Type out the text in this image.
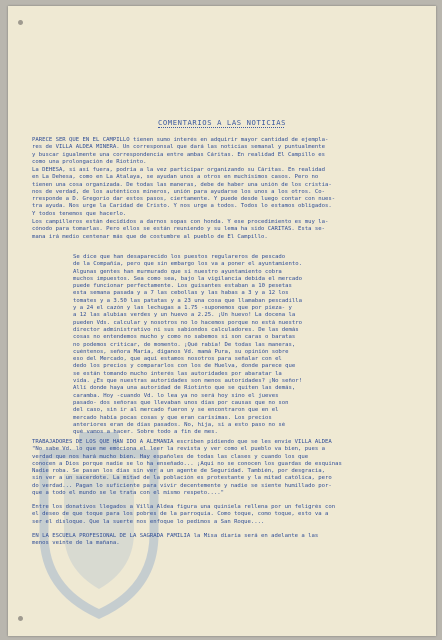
COMENTARIOS A LAS NOTICIAS
PARECE SER QUE EN EL CAMPILLO tienen sumo interés en adquirir mayor cantidad de ejempla-
res de VILLA ALDEA MINERA. Un corresponsal que dará las noticias semanal y puntualmente
y buscar igualmente una correspondencia entre ambas Cáritas. En realidad El Campillo es
como una prolongación de Riotinto.
La DEHESA, si así fuera, podría a la vez participar organizando su Cáritas. En realidad
en La Dehesa, como en La Atalaya, se ayudan unos a otros en muchísimos casos. Pero no
tienen una cosa organizada. De todas las maneras, debe de haber una unión de los cristia-
nos de verdad, de los auténticos mineros, unión para ayudarse los unos a los otros. Co-
rresponde a D. Gregorio dar estos pasos, ciertamente. Y puede desde luego contar con nues-
tra ayuda. Nos urge la Caridad de Cristo. Y nos urge a todos. Todos lo estamos obligados.
Y todos tenemos que hacerlo.
Los campilleros están decididos a darnos sopas con honda. Y ese procedimiento es muy la-
cónodo para tomarlas. Pero ellos se están reuniendo y su lema ha sido CARITAS. Esta se-
mana irá medio centenar más que de costumbre al pueblo de El Campillo.
Se dice que han desaparecido los puestos regulareros de pescado
de la Compañía, pero que sin embargo los va a poner el ayuntamiento.
Algunas gentes han murmurado que si nuestro ayuntamiento cobra
muchos impuestos. Sea como sea, bajo la vigilancia debida el mercado
puede funcionar perfectamente. Los guisantes estaban a 10 pesetas
esta semana pasada y a 7 las cebollas y las habas a 3 y a 12 los
tomates y a 3.50 las patatas y a 23 una cosa que llamaban pescadilla
y a 24 el cazón y las lechugas a 1.75 -suponemos que por pieza- y
a 12 las alubias verdes y un huevo a 2.25. ¡Un huevo! La docena la
pueden Vds. calcular y nosotros no lo hacemos porque no está nuestro
director administrativo ni sus sabiondos calculadores. De las demás
cosas no entendemos mucho y como no sabemos si son caras o baratas
no podemos criticar, de momento. ¡Qué rabia! De todas las maneras,
cuéntenos, señora María, díganos Vd. mamá Pura, su opinión sobre
eso del Mercado, que aquí estamos nosotros para señalar con el
dedo los precios y compararlos con los de Huelva, donde parece que
se están tomando mucho interés las autoridades por abaratar la
vida. ¿Es que nuestras autoridades son menos autoridades? ¡No señor!
Allí donde haya una autoridad de Riotinto que se quiten las demás,
caramba. Hoy -cuando Vd. lo lea ya no será hoy sino el jueves
pasado- dos señoras que llevaban unos días por causas que no son
del caso, sin ir al mercado fueron y se encontraron que en el
mercado había pocas cosas y que eran carísimas. Los precios
anteriores eran de días pasados. No, hija, si a esto paso no sé
qué vamos a hacer. Sobre todo a fin de mes.
TRABAJADORES DE LOS QUE HAN IDO A ALEMANIA escriben pidiendo que se les envíe VILLA ALDEA
"No sabe Vd. lo que me emociona el leer la revista y ver como el pueblo va bien, pues a
verdad que nos hará mucho bien. Hay españoles de todas las clases y cuando los que
conocen a Dios porque nadie se lo ha enseñado... ¡Aquí no se conocen los guardas de esquinas
Nadie roba. Se pasan los días sin ver a un agente de Seguridad. También, por desgracia,
sin ver a un sacerdote. La mitad de la población es protestante y la mitad católica, pero
do verdad... Pagan lo suficiente para vivir decentemente y nadie se siente humillado por-
que a todo el mundo se le trata con el mismo respeto...."
Entre los donativos llegados a Villa Aldea figura una quiniela rellena por un feligrés con
el deseo de que toque para los pobres de la parroquia. Como toque, como toque, esto va a
ser el disloque. Que la suerte nos enfoque lo pedimos a San Roque....
EN LA ESCUELA PROFESIONAL DE LA SAGRADA FAMILIA la Misa diaria será en adelante a las
menos veinte de la mañana.
